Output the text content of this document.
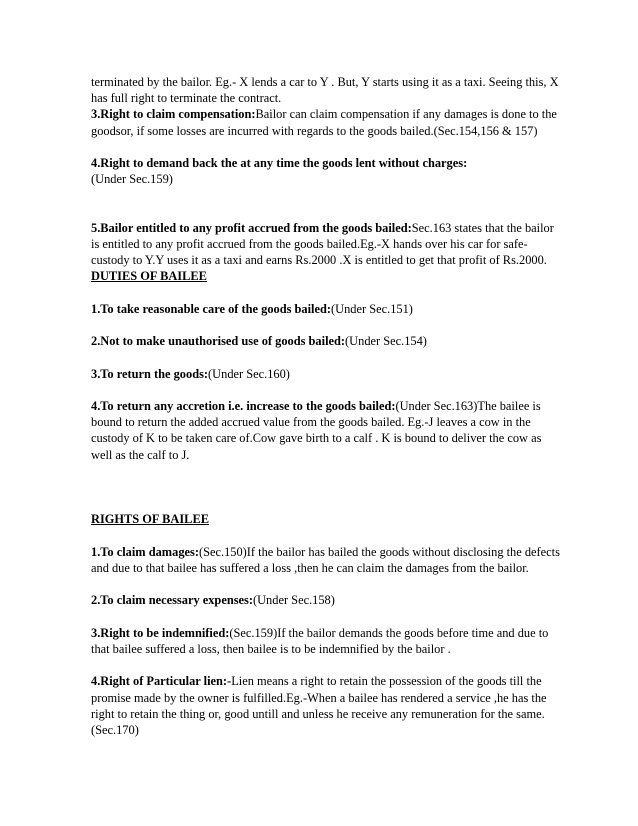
terminated by the bailor. Eg.- X lends a car to Y . But, Y starts using it as a taxi. Seeing this, X has full right to terminate the contract.

3.Right to claim compensation:Bailor can claim compensation if any damages is done to the goodsor, if some losses are incurred with regards to the goods bailed.(Sec.154,156 & 157)

4.Right to demand back the at any time the goods lent without charges:
(Under Sec.159)

5.Bailor entitled to any profit accrued from the goods bailed:Sec.163 states that the bailor is entitled to any profit accrued from the goods bailed.Eg.-X hands over his car for safe-custody to Y.Y uses it as a taxi and earns Rs.2000 .X is entitled to get that profit of Rs.2000.

DUTIES OF BAILEE

1.To take reasonable care of the goods bailed:(Under Sec.151)

2.Not to make unauthorised use of goods bailed:(Under Sec.154)

3.To return the goods:(Under Sec.160)

4.To return any accretion i.e. increase to the goods bailed:(Under Sec.163)The bailee is bound to return the added accrued value from the goods bailed. Eg.-J leaves a cow in the custody of K to be taken care of.Cow gave birth to a calf . K is bound to deliver the cow as well as the calf to J.

RIGHTS OF BAILEE

1.To claim damages:(Sec.150)If the bailor has bailed the goods without disclosing the defects and due to that bailee has suffered a loss ,then he can claim the damages from the bailor.

2.To claim necessary expenses:(Under Sec.158)

3.Right to be indemnified:(Sec.159)If the bailor demands the goods before time and due to that bailee suffered a loss, then bailee is to be indemnified by the bailor .

4.Right of Particular lien:-Lien means a right to retain the possession of the goods till the promise made by the owner is fulfilled.Eg.-When a bailee has rendered a service ,he has the right to retain the thing or, good untill and unless he receive any remuneration for the same.(Sec.170)
